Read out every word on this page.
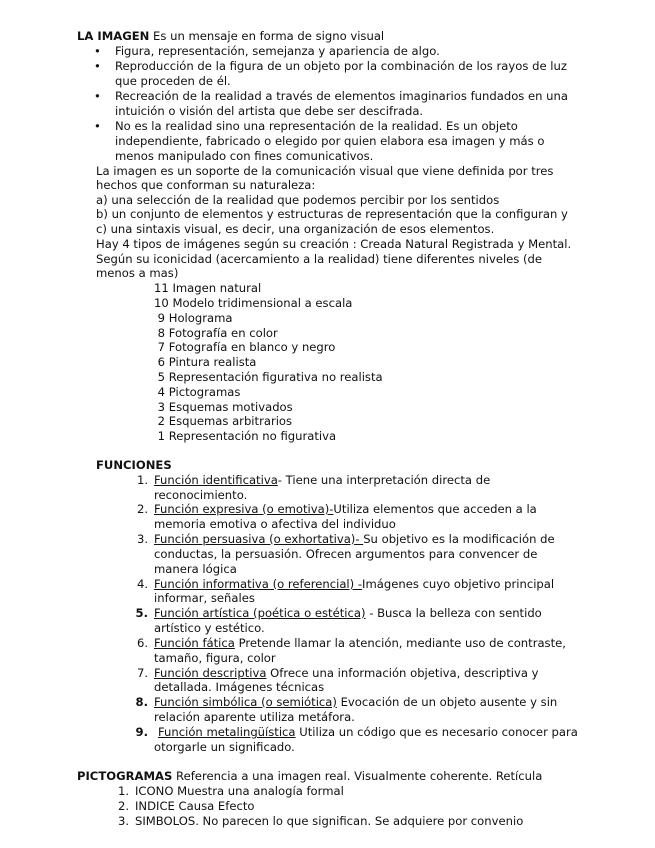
LA IMAGEN Es un mensaje en forma de signo visual
• Figura, representación, semejanza y apariencia de algo.
• Reproducción de la figura de un objeto por la combinación de los rayos de luz
que proceden de él.
• Recreación de la realidad a través de elementos imaginarios fundados en una
intuición o visión del artista que debe ser descifrada.
• No es la realidad sino una representación de la realidad. Es un objeto
independiente, fabricado o elegido por quien elabora esa imagen y más o
menos manipulado con fines comunicativos.
La imagen es un soporte de la comunicación visual que viene definida por tres
hechos que conforman su naturaleza:
a) una selección de la realidad que podemos percibir por los sentidos
b) un conjunto de elementos y estructuras de representación que la configuran y
c) una sintaxis visual, es decir, una organización de esos elementos.
Hay 4 tipos de imágenes según su creación : Creada Natural Registrada y Mental.
Según su iconicidad (acercamiento a la realidad) tiene diferentes niveles (de
menos a mas)
11 Imagen natural
10 Modelo tridimensional a escala
9 Holograma
8 Fotografía en color
7 Fotografía en blanco y negro
6 Pintura realista
5 Representación figurativa no realista
4 Pictogramas
3 Esquemas motivados
2 Esquemas arbitrarios
1 Representación no figurativa
FUNCIONES
1. Función identificativa- Tiene una interpretación directa de
reconocimiento.
2. Función expresiva (o emotiva)-Utiliza elementos que acceden a la
memoria emotiva o afectiva del individuo
3. Función persuasiva (o exhortativa)- Su objetivo es la modificación de
conductas, la persuasión. Ofrecen argumentos para convencer de
manera lógica
4. Función informativa (o referencial) -Imágenes cuyo objetivo principal
informar, señales
5. Función artística (poética o estética) - Busca la belleza con sentido
artístico y estético.
6. Función fática Pretende llamar la atención, mediante uso de contraste,
tamaño, figura, color
7. Función descriptiva Ofrece una información objetiva, descriptiva y
detallada. Imágenes técnicas
8. Función simbólica (o semiótica) Evocación de un objeto ausente y sin
relación aparente utiliza metáfora.
9. Función metalingüística Utiliza un código que es necesario conocer para
otorgarle un significado.
PICTOGRAMAS Referencia a una imagen real. Visualmente coherente. Retícula
1. ICONO Muestra una analogía formal
2. INDICE Causa Efecto
3. SIMBOLOS. No parecen lo que significan. Se adquiere por convenio
